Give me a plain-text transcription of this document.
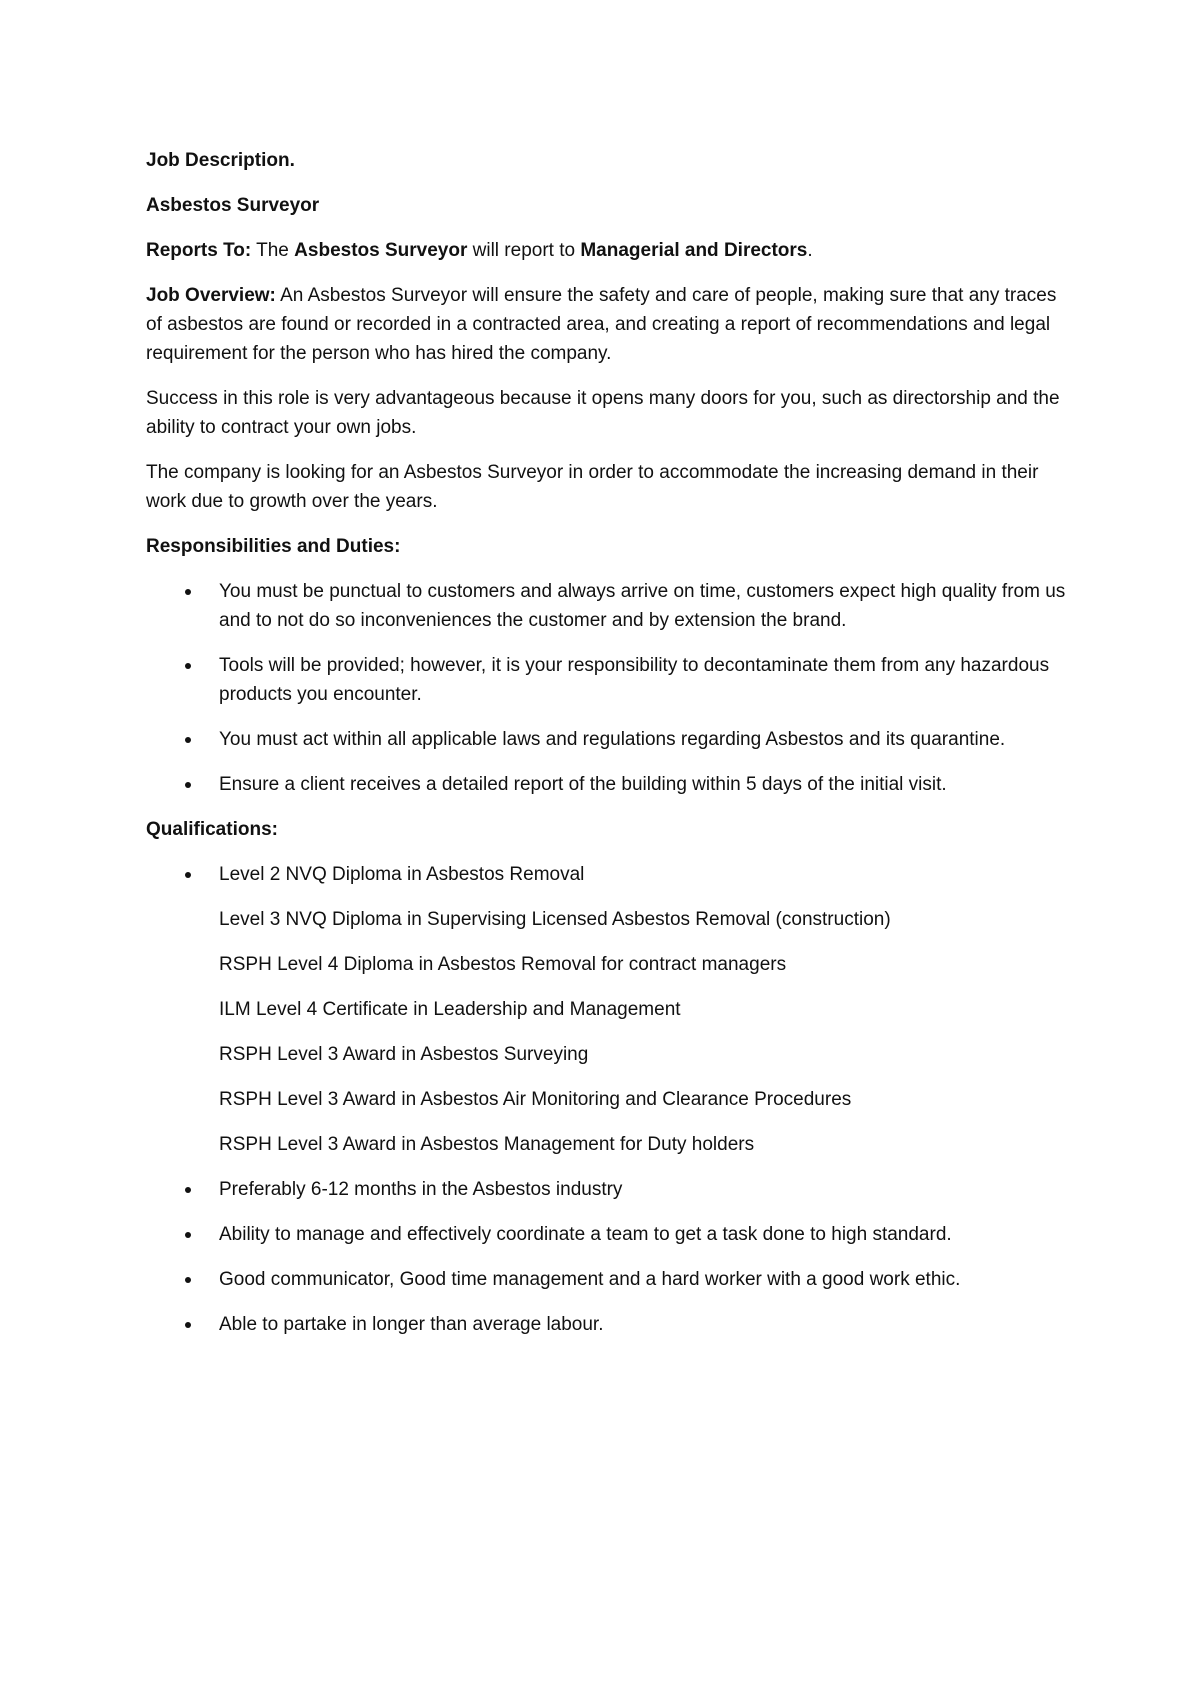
Job Description.

Asbestos Surveyor

Reports To: The Asbestos Surveyor will report to Managerial and Directors.

Job Overview: An Asbestos Surveyor will ensure the safety and care of people, making sure that any traces of asbestos are found or recorded in a contracted area, and creating a report of recommendations and legal requirement for the person who has hired the company.

Success in this role is very advantageous because it opens many doors for you, such as directorship and the ability to contract your own jobs.

The company is looking for an Asbestos Surveyor in order to accommodate the increasing demand in their work due to growth over the years.

Responsibilities and Duties:

You must be punctual to customers and always arrive on time, customers expect high quality from us and to not do so inconveniences the customer and by extension the brand.
Tools will be provided; however, it is your responsibility to decontaminate them from any hazardous products you encounter.
You must act within all applicable laws and regulations regarding Asbestos and its quarantine.
Ensure a client receives a detailed report of the building within 5 days of the initial visit.

Qualifications:

Level 2 NVQ Diploma in Asbestos Removal
Level 3 NVQ Diploma in Supervising Licensed Asbestos Removal (construction)
RSPH Level 4 Diploma in Asbestos Removal for contract managers
ILM Level 4 Certificate in Leadership and Management
RSPH Level 3 Award in Asbestos Surveying
RSPH Level 3 Award in Asbestos Air Monitoring and Clearance Procedures
RSPH Level 3 Award in Asbestos Management for Duty holders
Preferably 6-12 months in the Asbestos industry
Ability to manage and effectively coordinate a team to get a task done to high standard.
Good communicator, Good time management and a hard worker with a good work ethic.
Able to partake in longer than average labour.
